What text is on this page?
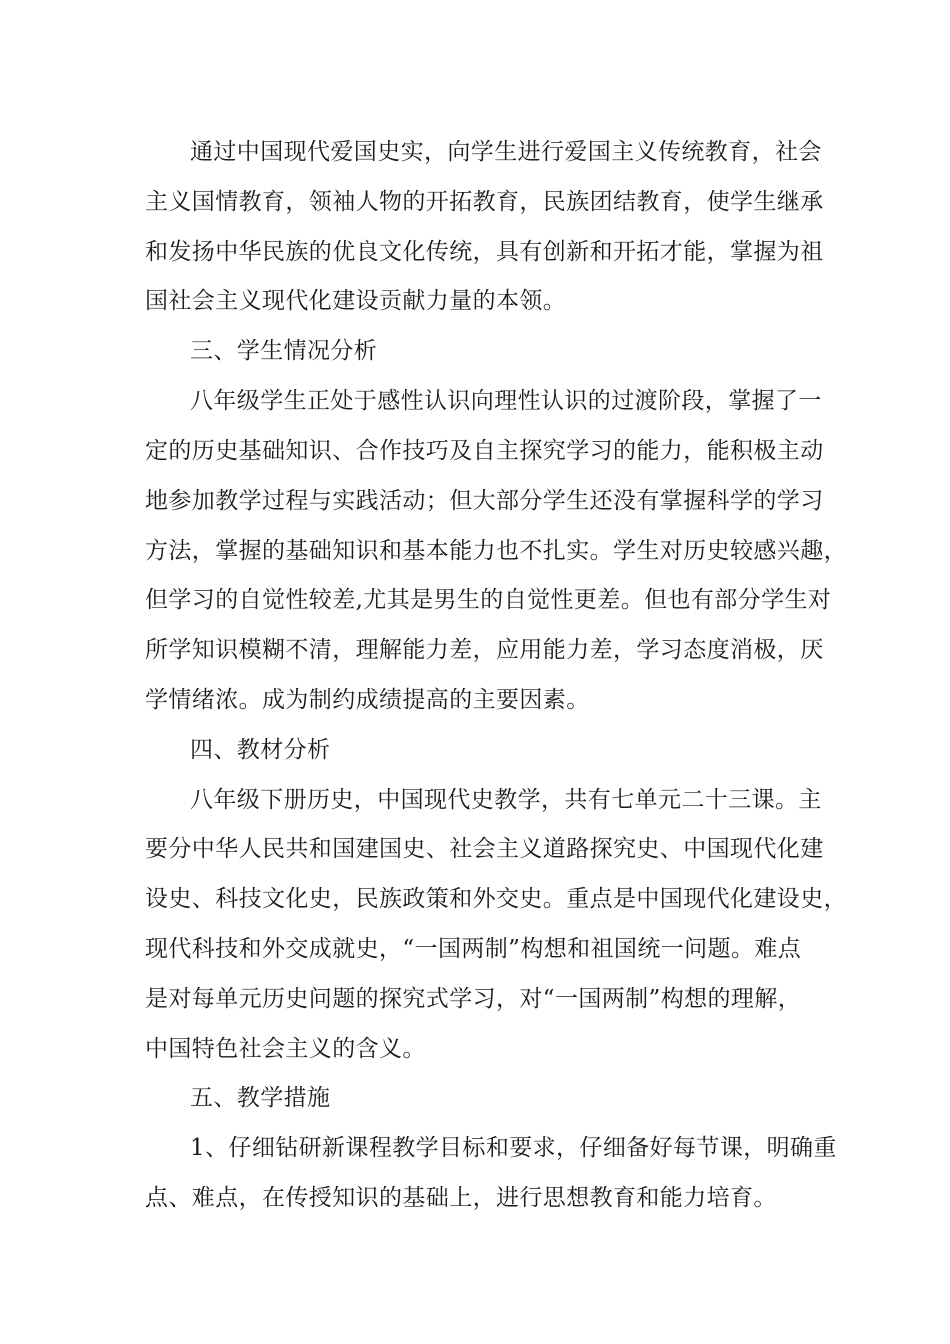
通过中国现代爱国史实，向学生进行爱国主义传统教育，社会
主义国情教育，领袖人物的开拓教育，民族团结教育，使学生继承
和发扬中华民族的优良文化传统，具有创新和开拓才能，掌握为祖
国社会主义现代化建设贡献力量的本领。
三、学生情况分析
八年级学生正处于感性认识向理性认识的过渡阶段，掌握了一
定的历史基础知识、合作技巧及自主探究学习的能力，能积极主动
地参加教学过程与实践活动；但大部分学生还没有掌握科学的学习
方法，掌握的基础知识和基本能力也不扎实。学生对历史较感兴趣，
但学习的自觉性较差,尤其是男生的自觉性更差。但也有部分学生对
所学知识模糊不清，理解能力差，应用能力差，学习态度消极，厌
学情绪浓。成为制约成绩提高的主要因素。
四、教材分析
八年级下册历史，中国现代史教学，共有七单元二十三课。主
要分中华人民共和国建国史、社会主义道路探究史、中国现代化建
设史、科技文化史，民族政策和外交史。重点是中国现代化建设史，
现代科技和外交成就史，“一国两制”构想和祖国统一问题。难点
是对每单元历史问题的探究式学习，对“一国两制”构想的理解，
中国特色社会主义的含义。
五、教学措施
1、仔细钻研新课程教学目标和要求，仔细备好每节课，明确重
点、难点，在传授知识的基础上，进行思想教育和能力培育。
